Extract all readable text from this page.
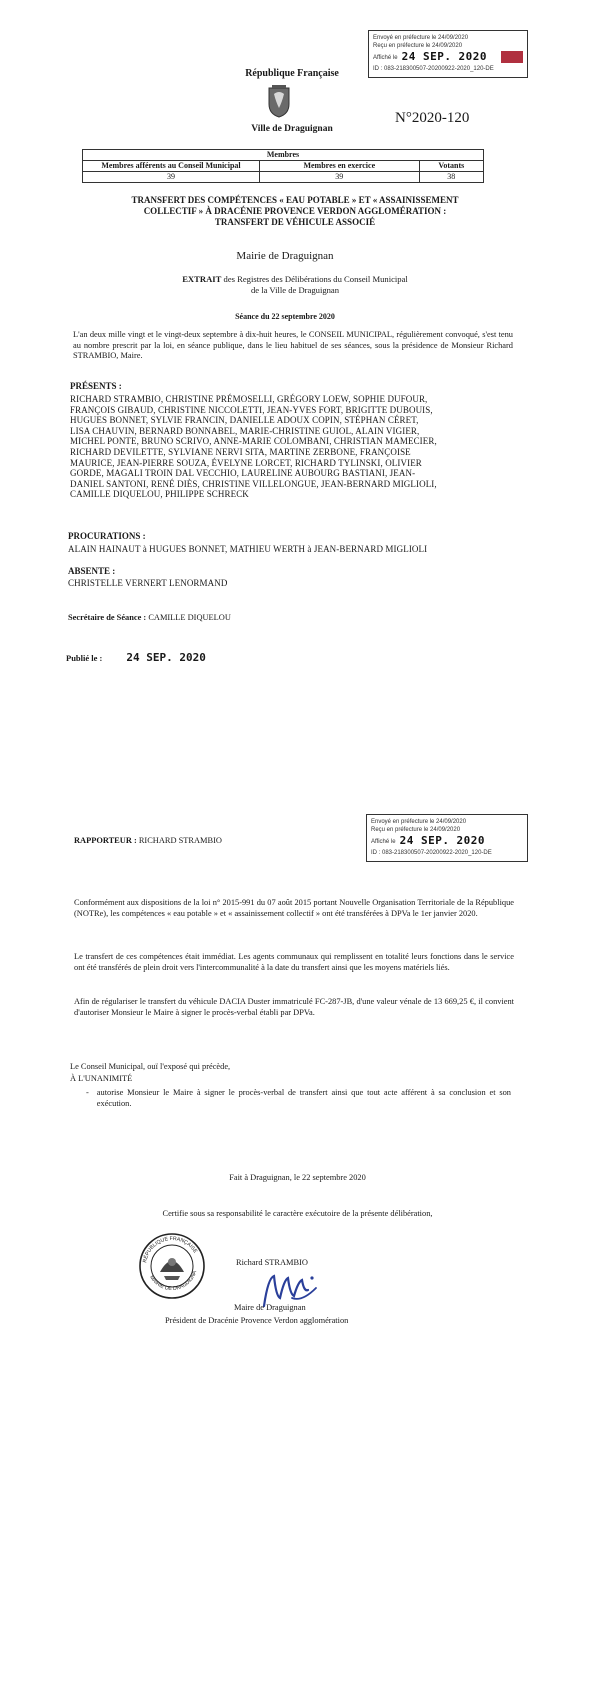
Envoyé en préfecture le 24/09/2020
Reçu en préfecture le 24/09/2020
Affiché le 24 SEP. 2020
ID : 083-218300507-20200922-2020_120-DE
République Française
Ville de Draguignan
N°2020-120
Membres		
Membres afférents au Conseil Municipal	Membres en exercice	Votants
39	39	38
TRANSFERT DES COMPÉTENCES « EAU POTABLE » ET « ASSAINISSEMENT
COLLECTIF » À DRACÉNIE PROVENCE VERDON AGGLOMÉRATION :
TRANSFERT DE VÉHICULE ASSOCIÉ
Mairie de Draguignan
EXTRAIT des Registres des Délibérations du Conseil Municipal
de la Ville de Draguignan
Séance du 22 septembre 2020
L'an deux mille vingt et le vingt-deux septembre à dix-huit heures, le CONSEIL MUNICIPAL, régulièrement convoqué, s'est tenu au nombre prescrit par la loi, en séance publique, dans le lieu habituel de ses séances, sous la présidence de Monsieur Richard STRAMBIO, Maire.
PRÉSENTS :
RICHARD STRAMBIO, CHRISTINE PRÉMOSELLI, GRÉGORY LOEW, SOPHIE DUFOUR,
FRANÇOIS GIBAUD, CHRISTINE NICCOLETTI, JEAN-YVES FORT, BRIGITTE DUBOUIS,
HUGUES BONNET, SYLVIE FRANCIN, DANIELLE ADOUX COPIN, STÉPHAN CÉRET,
LISA CHAUVIN, BERNARD BONNABEL, MARIE-CHRISTINE GUIOL, ALAIN VIGIER,
MICHEL PONTE, BRUNO SCRIVO, ANNE-MARIE COLOMBANI, CHRISTIAN MAMECIER,
RICHARD DEVILETTE, SYLVIANE NERVI SITA, MARTINE ZERBONE, FRANÇOISE
MAURICE, JEAN-PIERRE SOUZA, ÉVELYNE LORCET, RICHARD TYLINSKI, OLIVIER
GORDE, MAGALI TROIN DAL VECCHIO, LAURELINE AUBOURG BASTIANI, JEAN-
DANIEL SANTONI, RENÉ DIÈS, CHRISTINE VILLELONGUE, JEAN-BERNARD MIGLIOLI,
CAMILLE DIQUELOU, PHILIPPE SCHRECK
PROCURATIONS :
ALAIN HAINAUT à HUGUES BONNET, MATHIEU WERTH à JEAN-BERNARD MIGLIOLI
ABSENTE :
CHRISTELLE VERNERT LENORMAND
Secrétaire de Séance : CAMILLE DIQUELOU
Publié le : 24 SEP. 2020
Envoyé en préfecture le 24/09/2020
Reçu en préfecture le 24/09/2020
Affiché le 24 SEP. 2020
ID : 083-218300507-20200922-2020_120-DE
RAPPORTEUR : RICHARD STRAMBIO
Conformément aux dispositions de la loi n° 2015-991 du 07 août 2015 portant Nouvelle Organisation Territoriale de la République (NOTRe), les compétences « eau potable » et « assainissement collectif » ont été transférées à DPVa le 1er janvier 2020.
Le transfert de ces compétences était immédiat. Les agents communaux qui remplissent en totalité leurs fonctions dans le service ont été transférés de plein droit vers l'intercommunalité à la date du transfert ainsi que les moyens matériels liés.
Afin de régulariser le transfert du véhicule DACIA Duster immatriculé FC-287-JB, d'une valeur vénale de 13 669,25 €, il convient d'autoriser Monsieur le Maire à signer le procès-verbal établi par DPVa.
Le Conseil Municipal, ouï l'exposé qui précède,
À L'UNANIMITÉ
- autorise Monsieur le Maire à signer le procès-verbal de transfert ainsi que tout acte afférent à sa conclusion et son exécution.
Fait à Draguignan, le 22 septembre 2020
Certifie sous sa responsabilité le caractère exécutoire de la présente délibération,
RÉPUBLIQUE FRANÇAISE
MAIRIE DE DRAGUIGNA
Richard STRAMBIO
Maire de Draguignan
Président de Dracénie Provence Verdon agglomération
